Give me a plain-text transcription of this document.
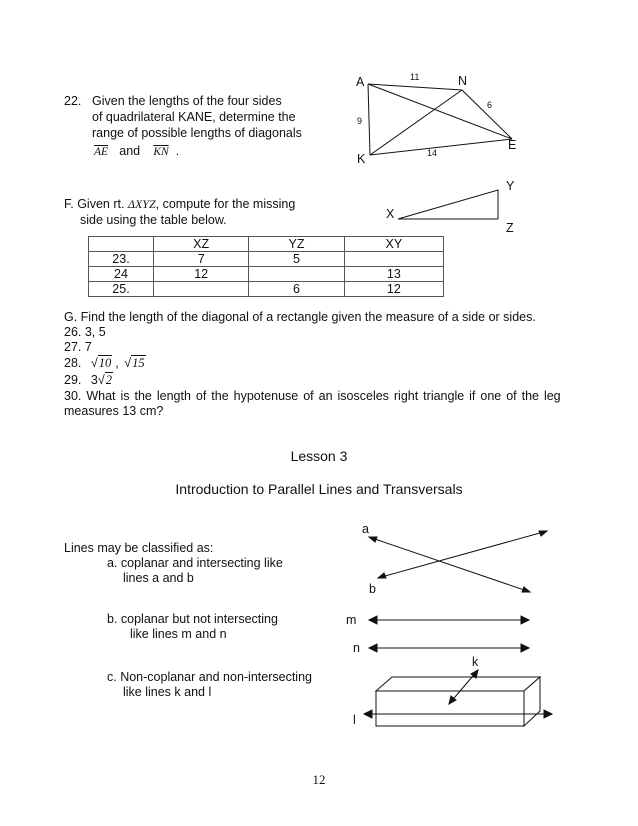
22. Given the lengths of the four sides
of quadrilateral KANE, determine the
range of possible lengths of diagonals
$\overline{AE}$ and $\overline{KN}$ .
A	N
E
K
11
6
9
14
F. Given rt. ΔXYZ, compute for the missing
side using the table below.	X
Y
Z
	XZ	YZ	XY
23.	7	5	
24	12		13
25.		6	12
G. Find the length of the diagonal of a rectangle given the measure of a side or sides.
26. 3, 5
27. 7
28. √10 , √15
29. 3√2
30. What is the length of the hypotenuse of an isosceles right triangle if one of the leg
measures 13 cm?
Lesson 3
Introduction to Parallel Lines and Transversals
Lines may be classified as:
a. coplanar and intersecting like
lines a and b
b. coplanar but not intersecting
like lines m and n
c. Non-coplanar and non-intersecting
like lines k and l
a
b
m
n
k
l
12
